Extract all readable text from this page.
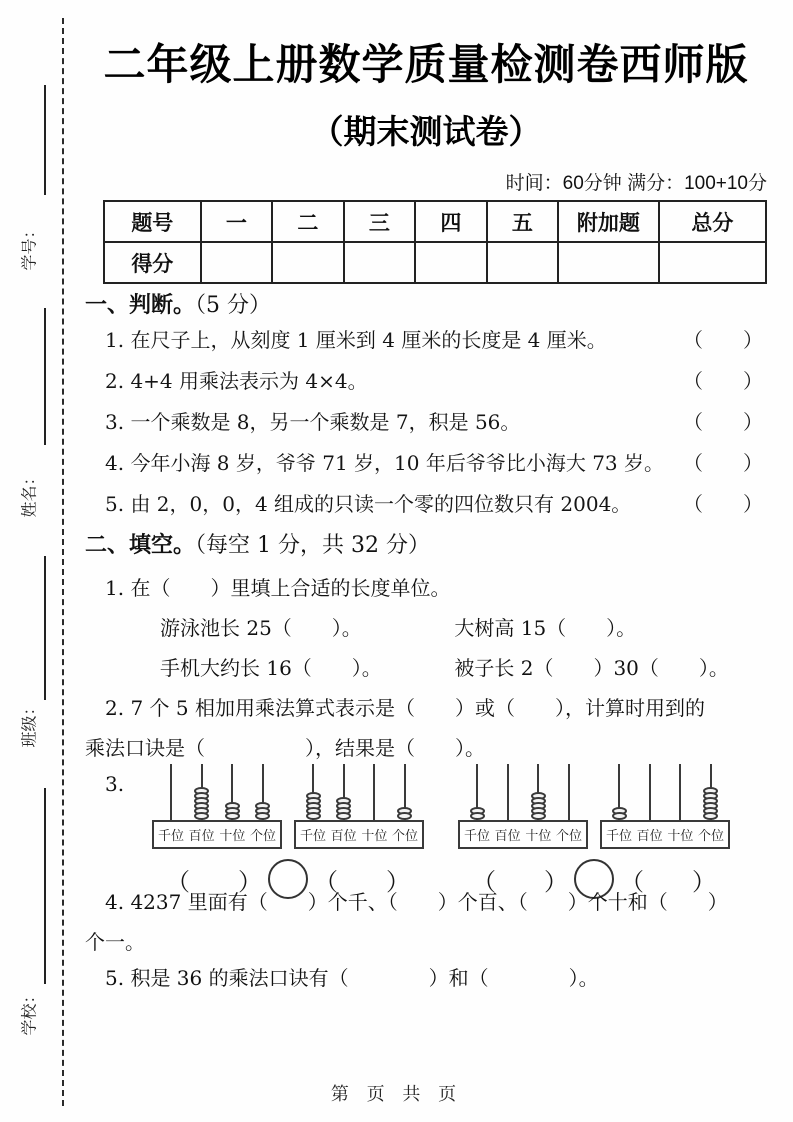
学号：
姓名：
班级：
学校：
二年级上册数学质量检测卷西师版
（期末测试卷）
时间：60分钟 满分：100+10分
题号	一	二	三	四	五	附加题	总分
得分							
一、判断。（5 分）
1. 在尺子上，从刻度 1 厘米到 4 厘米的长度是 4 厘米。	（　　）
2. 4+4 用乘法表示为 4×4。	（　　）
3. 一个乘数是 8，另一个乘数是 7，积是 56。	（　　）
4. 今年小海 8 岁，爷爷 71 岁，10 年后爷爷比小海大 73 岁。 （　　）
5. 由 2，0，0，4 组成的只读一个零的四位数只有 2004。	（　　）
二、填空。（每空 1 分，共 32 分）
1. 在（　　）里填上合适的长度单位。
游泳池长 25（　　）。	大树高 15（　　）。
手机大约长 16（　　）。	被子长 2（　　）30（　　）。
2. 7 个 5 相加用乘法算式表示是（　　）或（　　），计算时用到的
乘法口诀是（　　　　　），结果是（　　）。
3.
千位 百位 十位 个位 千位 百位 十位 个位
（　　） （　　）
千位 百位 十位 个位 千位 百位 十位 个位
（　　） （　　）
4. 4237 里面有（　　）个千、（　　）个百、（　　）个十和（　　）
个一。
5. 积是 36 的乘法口诀有（　　　　）和（　　　　）。
第 页 共 页
